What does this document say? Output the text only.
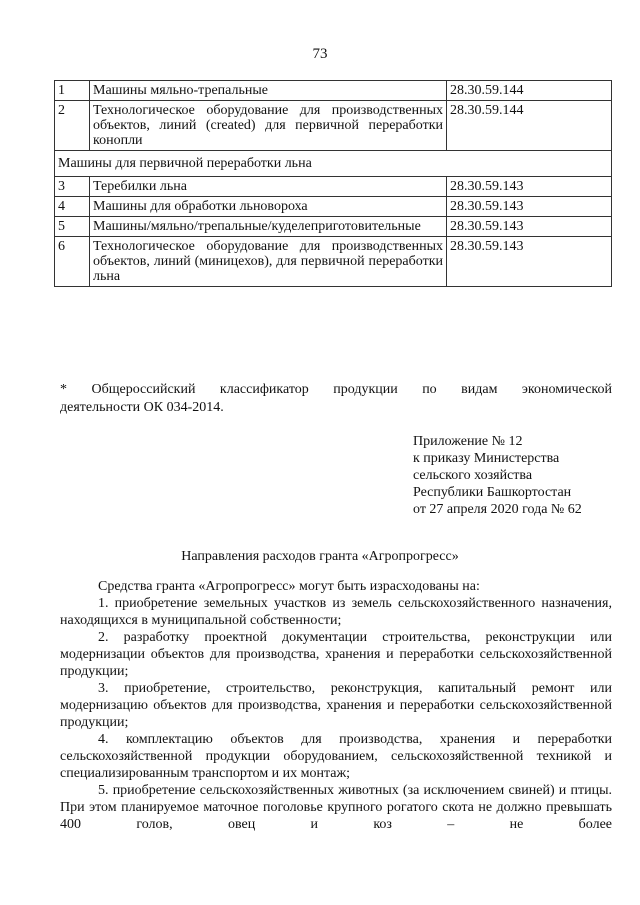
73
1	Машины мяльно-трепальные	28.30.59.144
2	Технологическое оборудование для производственных объектов, линий (created) для первичной переработки конопли	28.30.59.144
Машины для первичной переработки льна		
3	Теребилки льна	28.30.59.143
4	Машины для обработки льновороха	28.30.59.143
5	Машины/мяльно/трепальные/куделеприготовительные	28.30.59.143
6	Технологическое оборудование для производственных объектов, линий (миницехов), для первичной переработки льна	28.30.59.143
* Общероссийский классификатор продукции по видам экономической
деятельности ОК 034-2014.
Приложение № 12
к приказу Министерства
сельского хозяйства
Республики Башкортостан
от 27 апреля 2020 года № 62
Направления расходов гранта «Агропрогресс»

Средства гранта «Агропрогресс» могут быть израсходованы на:

1. приобретение земельных участков из земель сельскохозяйственного назначения, находящихся в муниципальной собственности;

2. разработку проектной документации строительства, реконструкции или модернизации объектов для производства, хранения и переработки сельскохозяйственной продукции;

3. приобретение, строительство, реконструкция, капитальный ремонт или модернизацию объектов для производства, хранения и переработки сельскохозяйственной продукции;

4. комплектацию объектов для производства, хранения и переработки сельскохозяйственной продукции оборудованием, сельскохозяйственной техникой и специализированным транспортом и их монтаж;

5. приобретение сельскохозяйственных животных (за исключением свиней) и птицы. При этом планируемое маточное поголовье крупного рогатого скота не должно превышать 400 голов, овец и коз – не более
